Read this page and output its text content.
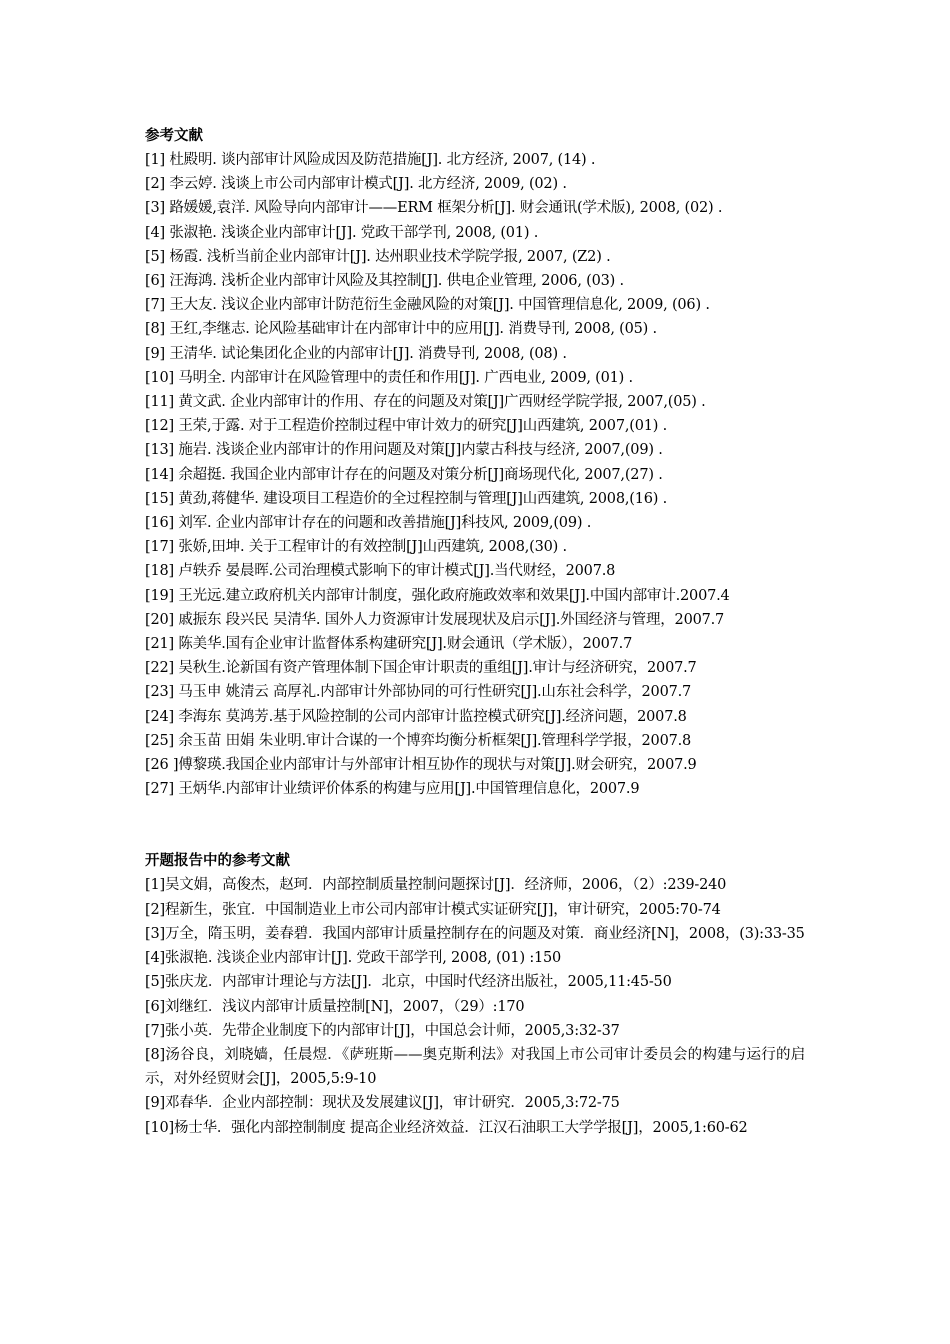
参考文献
[1] 杜殿明. 谈内部审计风险成因及防范措施[J]. 北方经济, 2007, (14) .
[2] 李云婷. 浅谈上市公司内部审计模式[J]. 北方经济, 2009, (02) .
[3] 路媛媛,袁洋. 风险导向内部审计——ERM 框架分析[J]. 财会通讯(学术版), 2008, (02) .
[4] 张淑艳. 浅谈企业内部审计[J]. 党政干部学刊, 2008, (01) .
[5] 杨霞. 浅析当前企业内部审计[J]. 达州职业技术学院学报, 2007, (Z2) .
[6] 汪海鸿. 浅析企业内部审计风险及其控制[J]. 供电企业管理, 2006, (03) .
[7] 王大友. 浅议企业内部审计防范衍生金融风险的对策[J]. 中国管理信息化, 2009, (06) .
[8] 王红,李继志. 论风险基础审计在内部审计中的应用[J]. 消费导刊, 2008, (05) .
[9] 王清华. 试论集团化企业的内部审计[J]. 消费导刊, 2008, (08) .
[10] 马明全. 内部审计在风险管理中的责任和作用[J]. 广西电业, 2009, (01) .
[11] 黄文武. 企业内部审计的作用、存在的问题及对策[J]广西财经学院学报, 2007,(05) .
[12] 王荣,于露. 对于工程造价控制过程中审计效力的研究[J]山西建筑, 2007,(01) .
[13] 施岩. 浅谈企业内部审计的作用问题及对策[J]内蒙古科技与经济, 2007,(09) .
[14] 余超挺. 我国企业内部审计存在的问题及对策分析[J]商场现代化, 2007,(27) .
[15] 黄劲,蒋健华. 建设项目工程造价的全过程控制与管理[J]山西建筑, 2008,(16) .
[16] 刘军. 企业内部审计存在的问题和改善措施[J]科技风, 2009,(09) .
[17] 张娇,田坤. 关于工程审计的有效控制[J]山西建筑, 2008,(30) .
[18] 卢轶乔 晏晨晖.公司治理模式影响下的审计模式[J].当代财经，2007.8
[19] 王光远.建立政府机关内部审计制度，强化政府施政效率和效果[J].中国内部审计.2007.4
[20] 戚振东 段兴民 吴清华. 国外人力资源审计发展现状及启示[J].外国经济与管理，2007.7
[21] 陈美华.国有企业审计监督体系构建研究[J].财会通讯（学术版），2007.7
[22] 吴秋生.论新国有资产管理体制下国企审计职责的重组[J].审计与经济研究，2007.7
[23] 马玉申 姚清云 高厚礼.内部审计外部协同的可行性研究[J].山东社会科学，2007.7
[24] 李海东 莫鸿芳.基于风险控制的公司内部审计监控模式研究[J].经济问题，2007.8
[25] 余玉苗 田娟 朱业明.审计合谋的一个博弈均衡分析框架[J].管理科学学报，2007.8
[26 ]傅黎瑛.我国企业内部审计与外部审计相互协作的现状与对策[J].财会研究，2007.9
[27] 王炳华.内部审计业绩评价体系的构建与应用[J].中国管理信息化，2007.9
开题报告中的参考文献
[1]吴文娟，高俊杰，赵珂．内部控制质量控制问题探讨[J]．经济师，2006，（2）:239-240
[2]程新生，张宜．中国制造业上市公司内部审计模式实证研究[J]，审计研究，2005:70-74
[3]万全，隋玉明，姜春碧．我国内部审计质量控制存在的问题及对策．商业经济[N]，2008，(3):33-35
[4]张淑艳. 浅谈企业内部审计[J]. 党政干部学刊, 2008, (01) :150
[5]张庆龙．内部审计理论与方法[J]．北京，中国时代经济出版社，2005,11:45-50
[6]刘继红．浅议内部审计质量控制[N]，2007，（29）:170
[7]张小英．先带企业制度下的内部审计[J]，中国总会计师，2005,3:32-37
[8]汤谷良，刘晓嫱，任晨煜．《萨班斯——奥克斯利法》对我国上市公司审计委员会的构建与运行的启示，对外经贸财会[J]，2005,5:9-10
[9]邓春华．企业内部控制：现状及发展建议[J]，审计研究．2005,3:72-75
[10]杨士华．强化内部控制制度 提高企业经济效益．江汉石油职工大学学报[J]，2005,1:60-62
